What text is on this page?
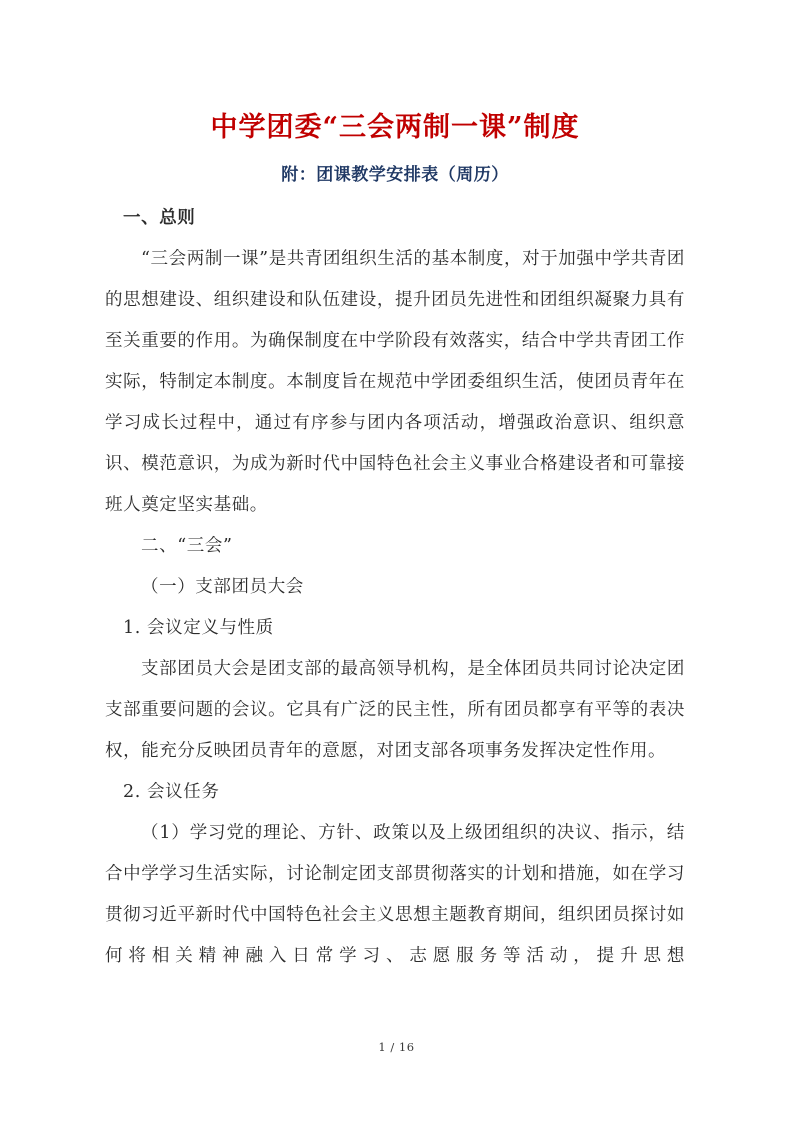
中学团委“三会两制一课”制度
附：团课教学安排表（周历）

一、总则

“三会两制一课”是共青团组织生活的基本制度，对于加强中学共青团的思想建设、组织建设和队伍建设，提升团员先进性和团组织凝聚力具有至关重要的作用。为确保制度在中学阶段有效落实，结合中学共青团工作实际，特制定本制度。本制度旨在规范中学团委组织生活，使团员青年在学习成长过程中，通过有序参与团内各项活动，增强政治意识、组织意识、模范意识，为成为新时代中国特色社会主义事业合格建设者和可靠接班人奠定坚实基础。

二、“三会”

（一）支部团员大会

1. 会议定义与性质

支部团员大会是团支部的最高领导机构，是全体团员共同讨论决定团支部重要问题的会议。它具有广泛的民主性，所有团员都享有平等的表决权，能充分反映团员青年的意愿，对团支部各项事务发挥决定性作用。

2. 会议任务

（1）学习党的理论、方针、政策以及上级团组织的决议、指示，结合中学学习生活实际，讨论制定团支部贯彻落实的计划和措施，如在学习贯彻习近平新时代中国特色社会主义思想主题教育期间，组织团员探讨如何将相关精神融入日常学习、志愿服务等活动，提升思想

1 / 16
